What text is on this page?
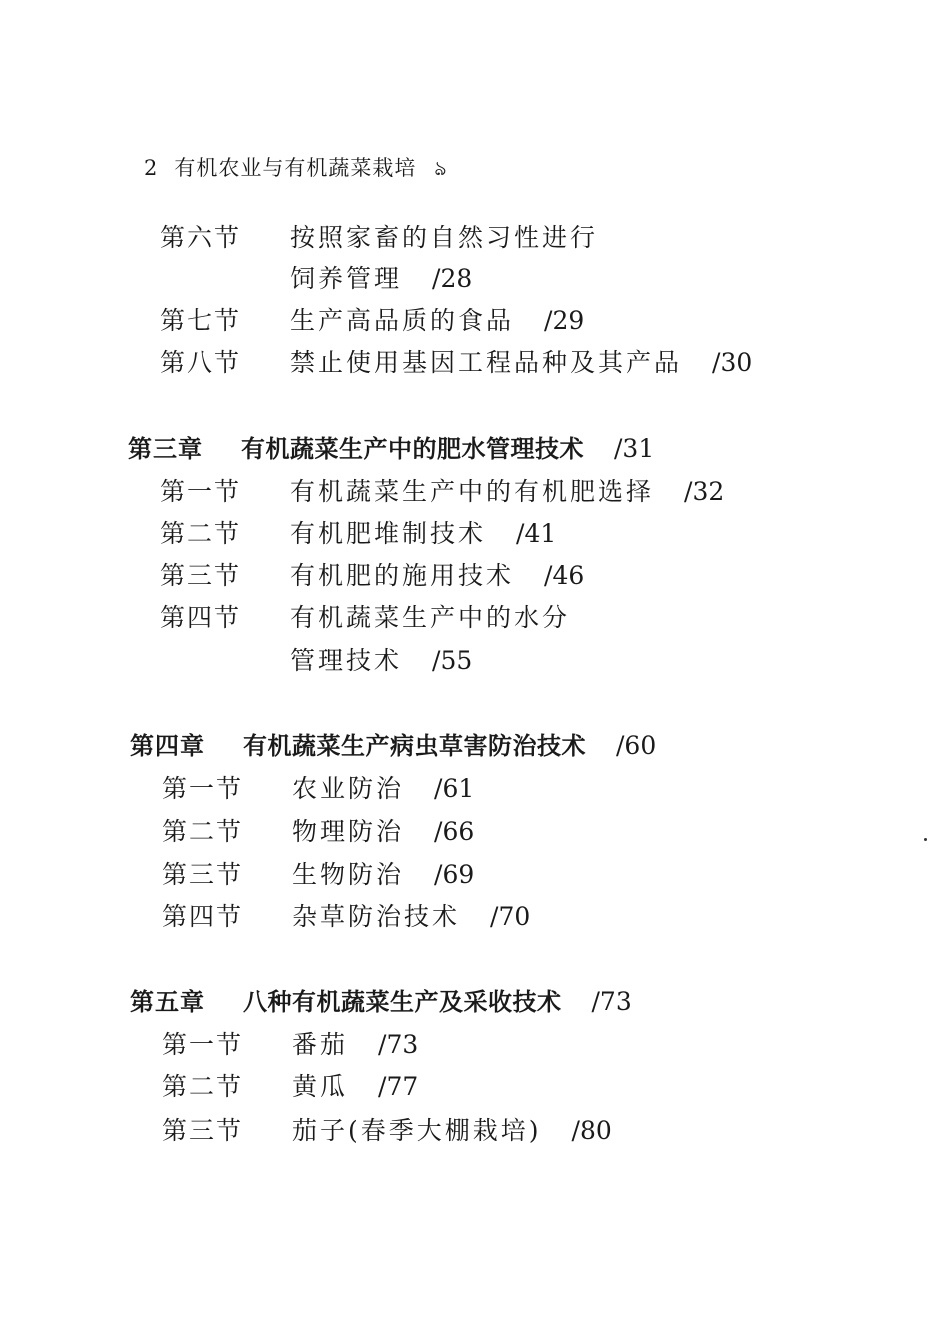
2 有机农业与有机蔬菜栽培 ঌ
第六节 按照家畜的自然习性进行
饲养管理 /28
第七节 生产高品质的食品 /29
第八节 禁止使用基因工程品种及其产品 /30
第三章 有机蔬菜生产中的肥水管理技术 /31
第一节 有机蔬菜生产中的有机肥选择 /32
第二节 有机肥堆制技术 /41
第三节 有机肥的施用技术 /46
第四节 有机蔬菜生产中的水分
管理技术 /55
第四章 有机蔬菜生产病虫草害防治技术 /60
第一节 农业防治 /61
第二节 物理防治 /66
第三节 生物防治 /69
第四节 杂草防治技术 /70
第五章 八种有机蔬菜生产及采收技术 /73
第一节 番茄 /73
第二节 黄瓜 /77
第三节 茄子(春季大棚栽培) /80
